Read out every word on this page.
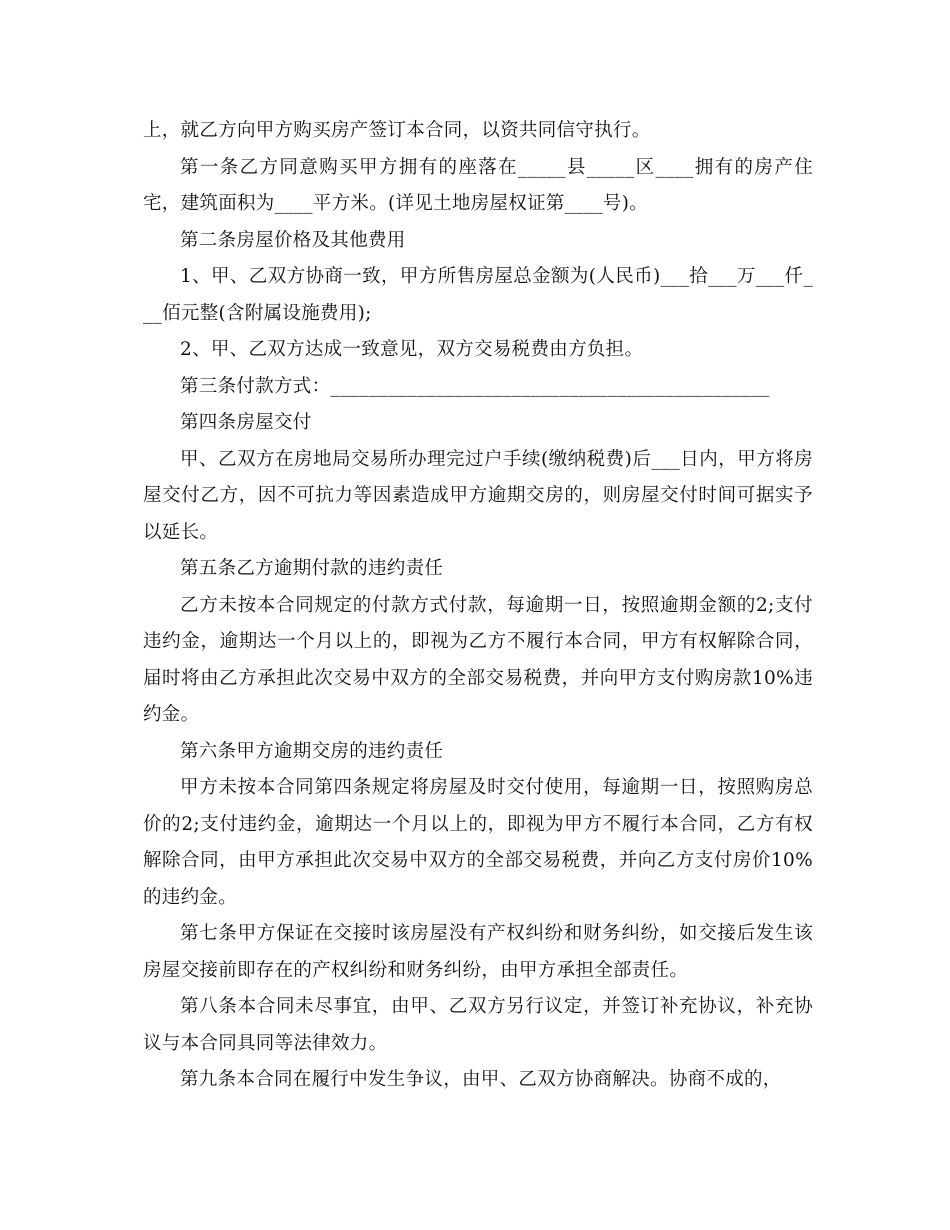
上，就乙方向甲方购买房产签订本合同，以资共同信守执行。

第一条乙方同意购买甲方拥有的座落在_____县_____区____拥有的房产住宅，建筑面积为____平方米。(详见土地房屋权证第____号)。

第二条房屋价格及其他费用

1、甲、乙双方协商一致，甲方所售房屋总金额为(人民币)___拾___万___仟___佰元整(含附属设施费用);

2、甲、乙双方达成一致意见，双方交易税费由方负担。

第三条付款方式：______________________________________________

第四条房屋交付

甲、乙双方在房地局交易所办理完过户手续(缴纳税费)后___日内，甲方将房屋交付乙方，因不可抗力等因素造成甲方逾期交房的，则房屋交付时间可据实予以延长。

第五条乙方逾期付款的违约责任

乙方未按本合同规定的付款方式付款，每逾期一日，按照逾期金额的2;支付违约金，逾期达一个月以上的，即视为乙方不履行本合同，甲方有权解除合同，届时将由乙方承担此次交易中双方的全部交易税费，并向甲方支付购房款10%违约金。

第六条甲方逾期交房的违约责任

甲方未按本合同第四条规定将房屋及时交付使用，每逾期一日，按照购房总价的2;支付违约金，逾期达一个月以上的，即视为甲方不履行本合同，乙方有权解除合同，由甲方承担此次交易中双方的全部交易税费，并向乙方支付房价10%的违约金。

第七条甲方保证在交接时该房屋没有产权纠纷和财务纠纷，如交接后发生该房屋交接前即存在的产权纠纷和财务纠纷，由甲方承担全部责任。

第八条本合同未尽事宜，由甲、乙双方另行议定，并签订补充协议，补充协议与本合同具同等法律效力。

第九条本合同在履行中发生争议，由甲、乙双方协商解决。协商不成的，
